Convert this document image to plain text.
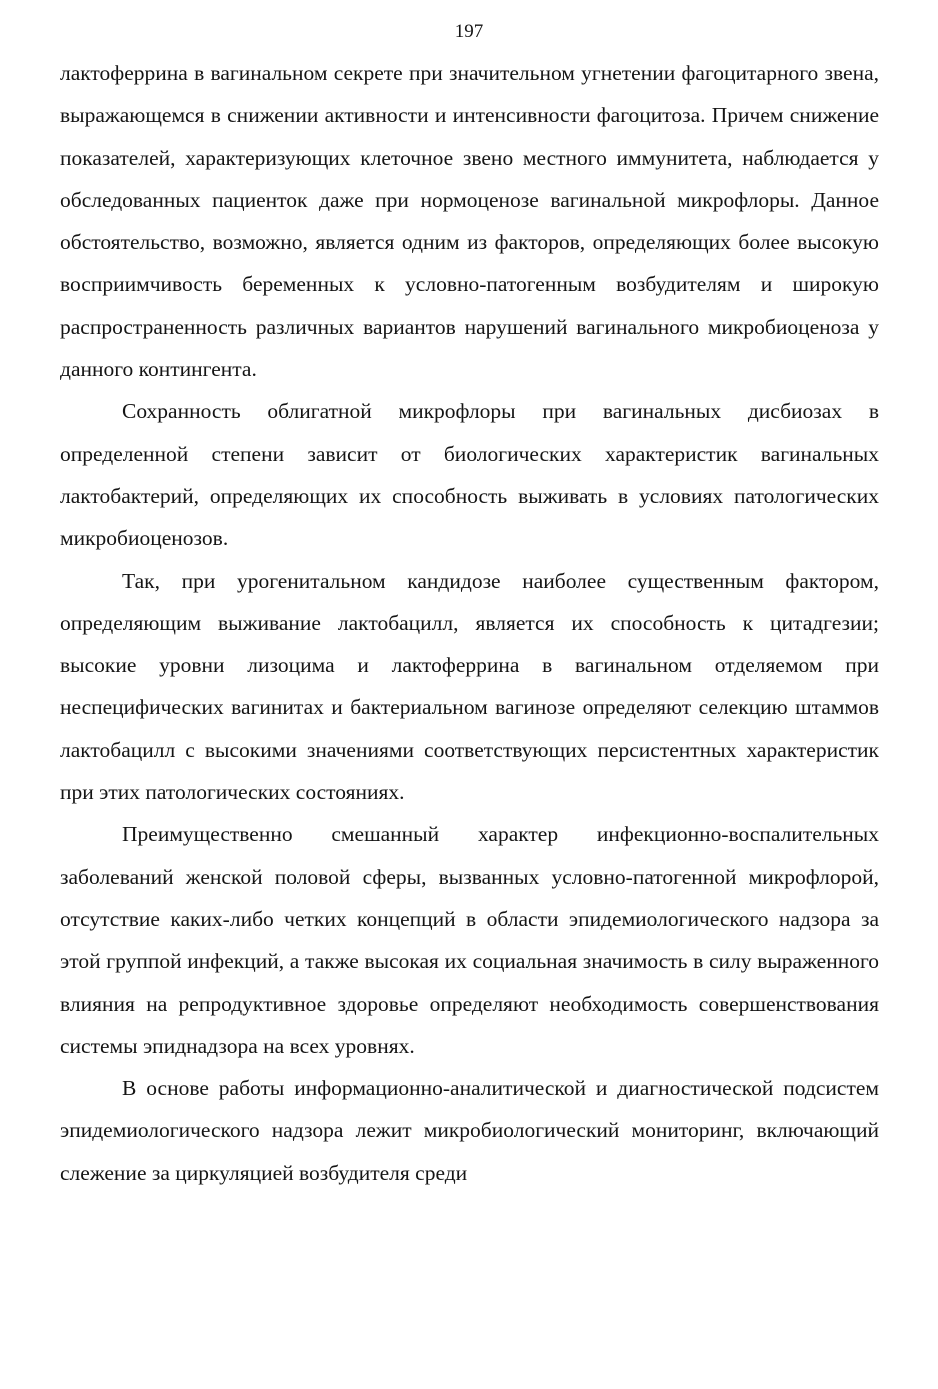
197

лактоферрина в вагинальном секрете при значительном угнетении фагоцитарного звена, выражающемся в снижении активности и интенсивности фагоцитоза. Причем снижение показателей, характеризующих клеточное звено местного иммунитета, наблюдается у обследованных пациенток даже при нормоценозе вагинальной микрофлоры. Данное обстоятельство, возможно, является одним из факторов, определяющих более высокую восприимчивость беременных к условно-патогенным возбудителям и широкую распространенность различных вариантов нарушений вагинального микробиоценоза у данного контингента.

Сохранность облигатной микрофлоры при вагинальных дисбиозах в определенной степени зависит от биологических характеристик вагинальных лактобактерий, определяющих их способность выживать в условиях патологических микробиоценозов.

Так, при урогенитальном кандидозе наиболее существенным фактором, определяющим выживание лактобацилл, является их способность к цитадгезии; высокие уровни лизоцима и лактоферрина в вагинальном отделяемом при неспецифических вагинитах и бактериальном вагинозе определяют селекцию штаммов лактобацилл с высокими значениями соответствующих персистентных характеристик при этих патологических состояниях.

Преимущественно смешанный характер инфекционно-воспалительных заболеваний женской половой сферы, вызванных условно-патогенной микрофлорой, отсутствие каких-либо четких концепций в области эпидемиологического надзора за этой группой инфекций, а также высокая их социальная значимость в силу выраженного влияния на репродуктивное здоровье определяют необходимость совершенствования системы эпиднадзора на всех уровнях.

В основе работы информационно-аналитической и диагностической подсистем эпидемиологического надзора лежит микробиологический мониторинг, включающий слежение за циркуляцией возбудителя среди
